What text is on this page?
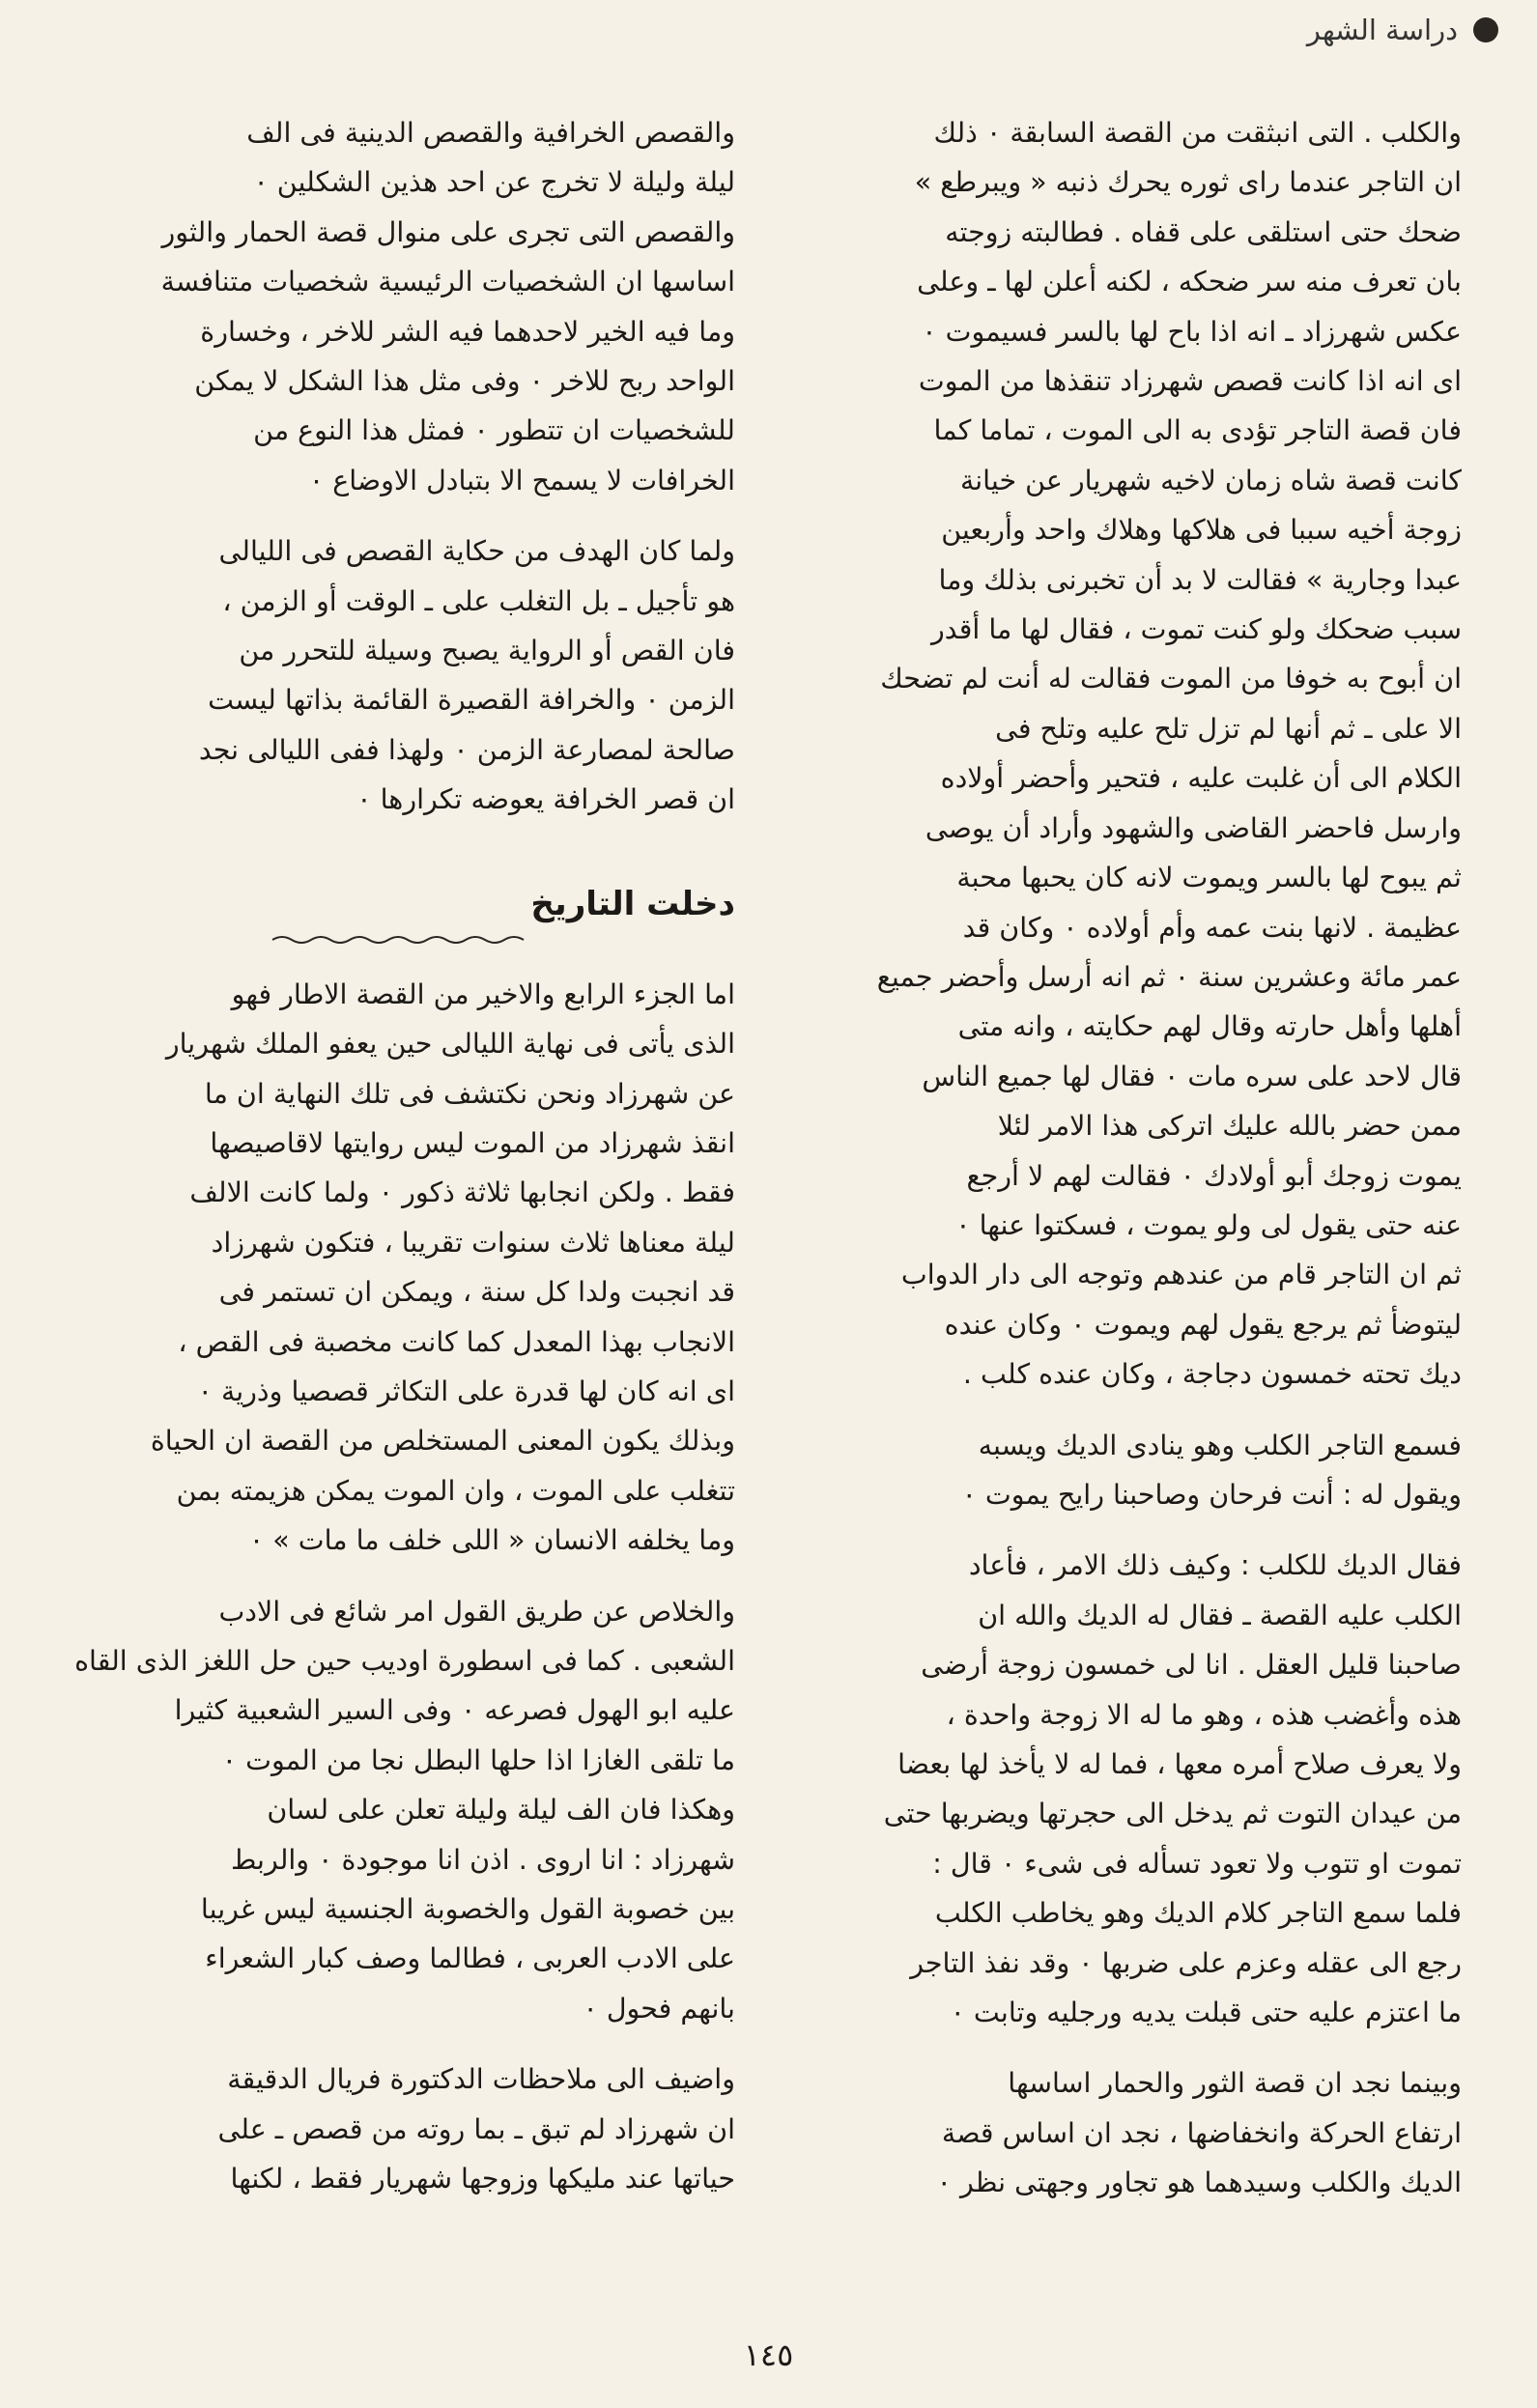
دراسة الشهر

والكلب . التى انبثقت من القصة السابقة ٠ ذلك
ان التاجر عندما راى ثوره يحرك ذنبه « ويبرطع »
ضحك حتى استلقى على قفاه . فطالبته زوجته
بان تعرف منه سر ضحكه ، لكنه أعلن لها ـ وعلى
عكس شهرزاد ـ انه اذا باح لها بالسر فسيموت ٠
اى انه اذا كانت قصص شهرزاد تنقذها من الموت
فان قصة التاجر تؤدى به الى الموت ، تماما كما
كانت قصة شاه زمان لاخيه شهريار عن خيانة
زوجة أخيه سببا فى هلاكها وهلاك واحد وأربعين
عبدا وجارية » فقالت لا بد أن تخبرنى بذلك وما
سبب ضحكك ولو كنت تموت ، فقال لها ما أقدر
ان أبوح به خوفا من الموت فقالت له أنت لم تضحك
الا على ـ ثم أنها لم تزل تلح عليه وتلح فى
الكلام الى أن غلبت عليه ، فتحير وأحضر أولاده
وارسل فاحضر القاضى والشهود وأراد أن يوصى
ثم يبوح لها بالسر ويموت لانه كان يحبها محبة
عظيمة . لانها بنت عمه وأم أولاده ٠ وكان قد
عمر مائة وعشرين سنة ٠ ثم انه أرسل وأحضر جميع
أهلها وأهل حارته وقال لهم حكايته ، وانه متى
قال لاحد على سره مات ٠ فقال لها جميع الناس
ممن حضر بالله عليك اتركى هذا الامر لئلا
يموت زوجك أبو أولادك ٠ فقالت لهم لا أرجع
عنه حتى يقول لى ولو يموت ، فسكتوا عنها ٠
ثم ان التاجر قام من عندهم وتوجه الى دار الدواب
ليتوضأ ثم يرجع يقول لهم ويموت ٠ وكان عنده
ديك تحته خمسون دجاجة ، وكان عنده كلب .

فسمع التاجر الكلب وهو ينادى الديك ويسبه
ويقول له : أنت فرحان وصاحبنا رايح يموت ٠

فقال الديك للكلب : وكيف ذلك الامر ، فأعاد
الكلب عليه القصة ـ فقال له الديك والله ان
صاحبنا قليل العقل . انا لى خمسون زوجة أرضى
هذه وأغضب هذه ، وهو ما له الا زوجة واحدة ،
ولا يعرف صلاح أمره معها ، فما له لا يأخذ لها بعضا
من عيدان التوت ثم يدخل الى حجرتها ويضربها حتى
تموت او تتوب ولا تعود تسأله فى شىء ٠ قال :
فلما سمع التاجر كلام الديك وهو يخاطب الكلب
رجع الى عقله وعزم على ضربها ٠ وقد نفذ التاجر
ما اعتزم عليه حتى قبلت يديه ورجليه وتابت ٠

وبينما نجد ان قصة الثور والحمار اساسها
ارتفاع الحركة وانخفاضها ، نجد ان اساس قصة
الديك والكلب وسيدهما هو تجاور وجهتى نظر ٠

والقصص الخرافية والقصص الدينية فى الف
ليلة وليلة لا تخرج عن احد هذين الشكلين ٠
والقصص التى تجرى على منوال قصة الحمار والثور
اساسها ان الشخصيات الرئيسية شخصيات متنافسة
وما فيه الخير لاحدهما فيه الشر للاخر ، وخسارة
الواحد ربح للاخر ٠ وفى مثل هذا الشكل لا يمكن
للشخصيات ان تتطور ٠ فمثل هذا النوع من
الخرافات لا يسمح الا بتبادل الاوضاع ٠

ولما كان الهدف من حكاية القصص فى الليالى
هو تأجيل ـ بل التغلب على ـ الوقت أو الزمن ،
فان القص أو الرواية يصبح وسيلة للتحرر من
الزمن ٠ والخرافة القصيرة القائمة بذاتها ليست
صالحة لمصارعة الزمن ٠ ولهذا ففى الليالى نجد
ان قصر الخرافة يعوضه تكرارها ٠

دخلت التاريخ

اما الجزء الرابع والاخير من القصة الاطار فهو
الذى يأتى فى نهاية الليالى حين يعفو الملك شهريار
عن شهرزاد ونحن نكتشف فى تلك النهاية ان ما
انقذ شهرزاد من الموت ليس روايتها لاقاصيصها
فقط . ولكن انجابها ثلاثة ذكور ٠ ولما كانت الالف
ليلة معناها ثلاث سنوات تقريبا ، فتكون شهرزاد
قد انجبت ولدا كل سنة ، ويمكن ان تستمر فى
الانجاب بهذا المعدل كما كانت مخصبة فى القص ،
اى انه كان لها قدرة على التكاثر قصصيا وذرية ٠
وبذلك يكون المعنى المستخلص من القصة ان الحياة
تتغلب على الموت ، وان الموت يمكن هزيمته بمن
وما يخلفه الانسان « اللى خلف ما مات » ٠

والخلاص عن طريق القول امر شائع فى الادب
الشعبى . كما فى اسطورة اوديب حين حل اللغز الذى القاه
عليه ابو الهول فصرعه ٠ وفى السير الشعبية كثيرا
ما تلقى الغازا اذا حلها البطل نجا من الموت ٠
وهكذا فان الف ليلة وليلة تعلن على لسان
شهرزاد : انا اروى . اذن انا موجودة ٠ والربط
بين خصوبة القول والخصوبة الجنسية ليس غريبا
على الادب العربى ، فطالما وصف كبار الشعراء
بانهم فحول ٠

واضيف الى ملاحظات الدكتورة فريال الدقيقة
ان شهرزاد لم تبق ـ بما روته من قصص ـ على
حياتها عند مليكها وزوجها شهريار فقط ، لكنها

١٤٥
